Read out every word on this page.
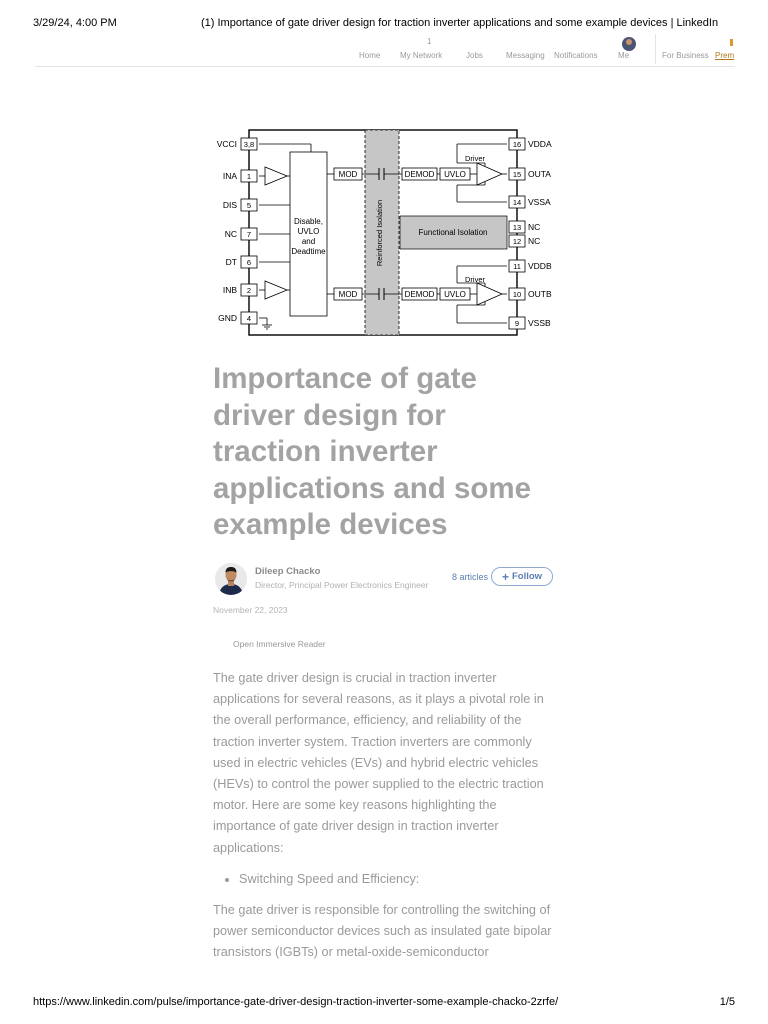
3/29/24, 4:00 PM	(1) Importance of gate driver design for traction inverter applications and some example devices | LinkedIn
1
Home My Network	Jobs	Messaging Notifications	Me	For Business Prem
VCCI
INA
DIS
NC
DT
INB
GND
3,8
1
5
7
6
2
4
16
15
14
13
12
11
10
9
VDDA
OUTA
VSSA
NC
NC
VDDB
OUTB
VSSB
Disable,
UVLO
and
Deadtime
MOD
MOD
DEMOD
DEMOD
UVLO
UVLO
Driver
Driver
Reinforced Isolation	Functional Isolation
Importance of gate driver design for traction inverter applications and some example devices
Dileep Chacko
Director, Principal Power Electronics Engineer
8 articles + Follow
November 22, 2023
Open Immersive Reader

The gate driver design is crucial in traction inverter applications for several reasons, as it plays a pivotal role in the overall performance, efficiency, and reliability of the traction inverter system. Traction inverters are commonly used in electric vehicles (EVs) and hybrid electric vehicles (HEVs) to control the power supplied to the electric traction motor. Here are some key reasons highlighting the importance of gate driver design in traction inverter applications:

• Switching Speed and Efficiency:

The gate driver is responsible for controlling the switching of power semiconductor devices such as insulated gate bipolar transistors (IGBTs) or metal-oxide-semiconductor

https://www.linkedin.com/pulse/importance-gate-driver-design-traction-inverter-some-example-chacko-2zrfe/	1/5
